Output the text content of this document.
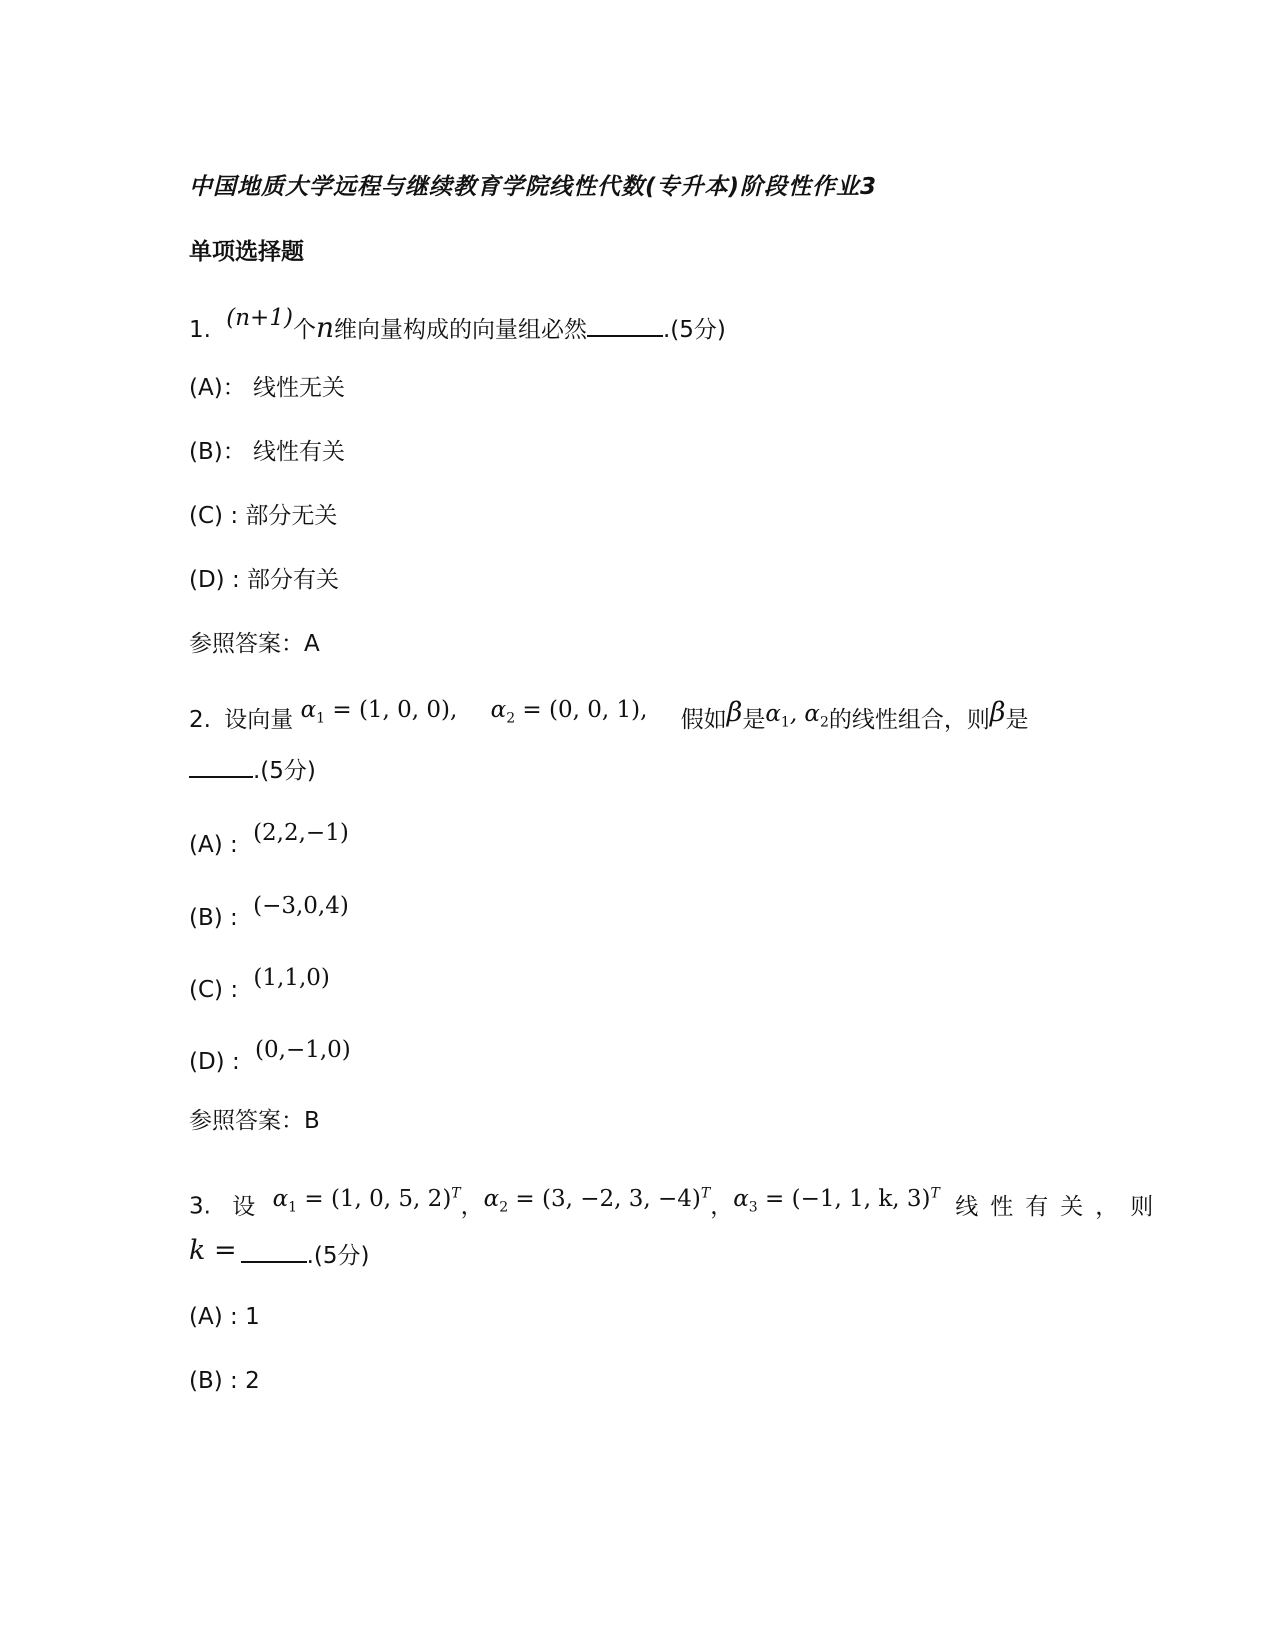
中国地质大学远程与继续教育学院线性代数(专升本)阶段性作业3
单项选择题
1. (n+1)个n维向量构成的向量组必然	.(5分)
(A)： 线性无关
(B)： 线性有关
(C) : 部分无关
(D) : 部分有关
参照答案：A
2. 设向量 $\alpha_1 = (1$, 0, 0), $\alpha_2 = (0$, 0, 1), 假如β是$\alpha_1$, $\alpha_2$的线性组合，则β是
.(5分)
(A) : (2,2,−1)
(B) : (−3,0,4)
(C) : (1,1,0)
(D) : (0,−1,0)
参照答案：B
3. 设 $\alpha_1 = (1$, 0, 5, 2)$^T$，$\alpha_2 = (3$, −2, 3, −4)$^T$，$\alpha_3 = (-1$, 1, k, 3)$^T$ 线性有关，则
k =	.(5分)
(A) : 1
(B) : 2
